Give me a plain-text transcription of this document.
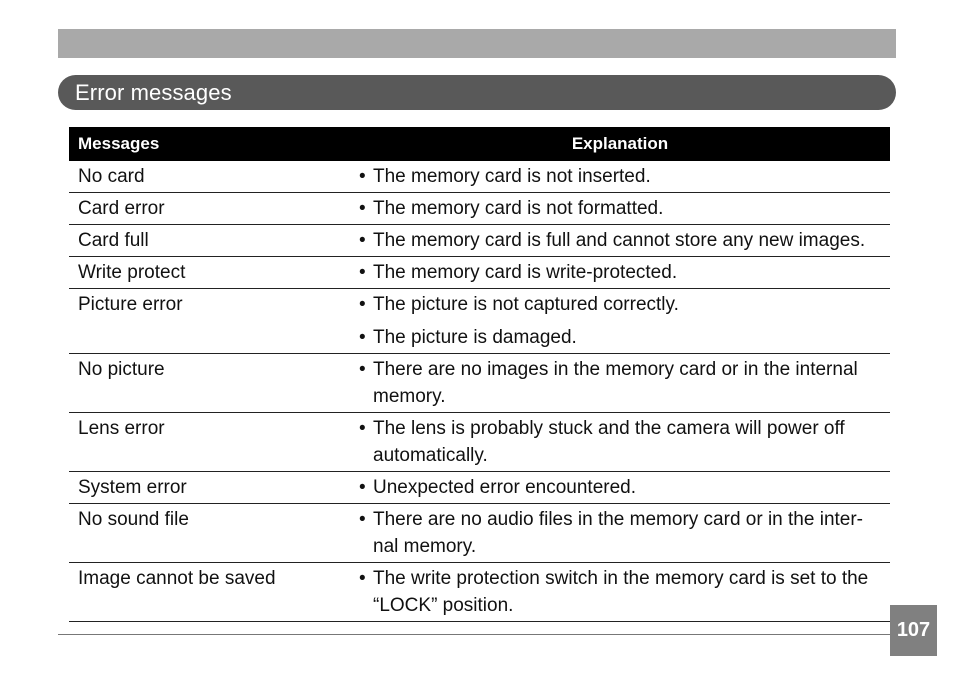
Error messages
Messages	Explanation
No card	• The memory card is not inserted.

Card error	• The memory card is not formatted.

Card full	• The memory card is full and cannot store any new images.

Write protect	• The memory card is write-protected.

Picture error	• The picture is not captured correctly.
• The picture is damaged.

No picture	• There are no images in the memory card or in the internal memory.

Lens error	• The lens is probably stuck and the camera will power off automatically.

System error	• Unexpected error encountered.

No sound file	• There are no audio files in the memory card or in the inter-nal memory.

Image cannot be saved	• The write protection switch in the memory card is set to the “LOCK” position.
107
